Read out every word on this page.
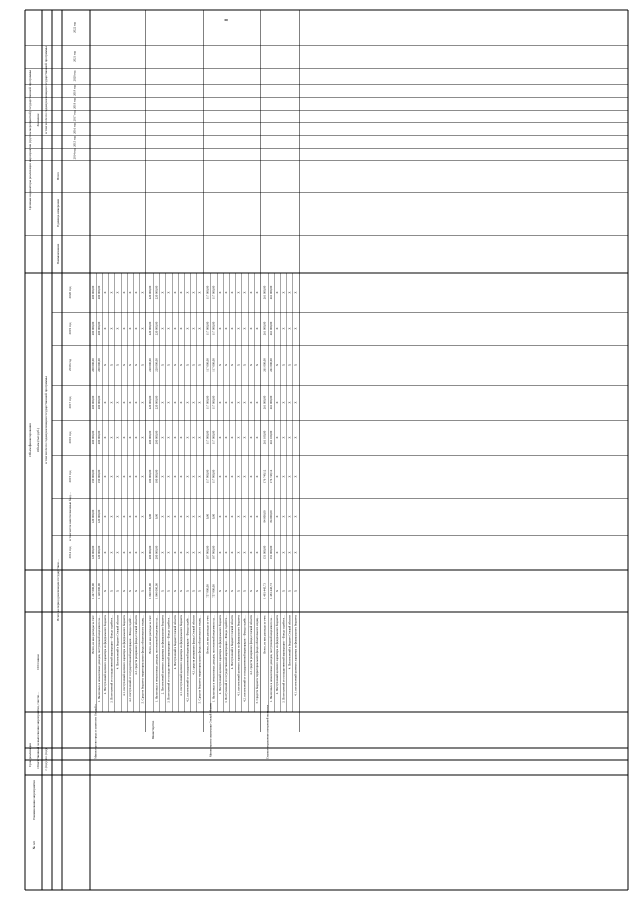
8
№ п/п
Наименование мероприятия
Срок реализации	с (год)
по (год)
Ответственный за выполнение мероприятия, соиспо…
Источники
Объем финансирования Объем (тыс.руб.)
Всего за период реализации государствен…
в том числе по годам реализации государственной программы
2014 год
в том числе неисполненные бюд…
2015 год
2016 год
2017 год
2018 год
2019 год
2020 год
Целевые индикаторы реализации мероприятия (группы мероприятий) государственной программы
Наименование
Единица измерения
Значение
Всего
в том числе по годам реализации государственной программы
2014 год
2015 год
2016 год
2017 год
2018 год
2019 год
2020 год
2021 год
2022 год
Всего, из них расходы за счет:
1 247 000,00
120 000,00
120 000,00
150 000,00
200 000,00
200 000,00
200 000,00
200 000,00
200 000,00
1. Налоговых и неналоговых доходов, поступлений нецелевого ха…
1 120 000,00
120 000,00
120 000,00
150 000,00
200 000,00
200 000,00
200 000,00
200 000,00
200 000,00
2. Поступлений целевого характера из федерального бюджета
X
X
X
X
X
X
X
X
X
3. Поступлений от государственной корпорации – Фонда содейств…
X
X
X
X
X
X
X
X
X
4. Поступлений в бюджет Омской области
X
X
X
X
X
X
X
X
X
4.1. поступлений целевого характера из федерального бюджета
X
X
X
X
X
X
X
X
X
4.2. поступлений от государственной корпорации – Фонда содейс…
X
X
X
X
X
X
X
X
X
4.3. средств резервного фонда Омской области
X
X
X
X
X
X
X
X
X
5. Средств бюджета территориального фонда обязательного медиц…
X
X
X
X
X
X
X
X
X
Министерство труда и занятости Омской о…
Всего, из них расходы за счет:
1 840 000,00
200 000,00
0,00
100 000,00
200 000,00
220 000,00
220 000,00
220 000,00
220 000,00
1. Налоговых и неналоговых доходов, поступлений нецелевого ха…
1 840 000,00
200 000,00
0,00
100 000,00
200 000,00
220 000,00
220 000,00
220 000,00
220 000,00
2. Поступлений целевого характера из федерального бюджета
X
X
X
X
X
X
X
X
X
3. Поступлений от государственной корпорации – Фонда содейств…
X
X
X
X
X
X
X
X
X
4. Поступлений в бюджет Омской области
X
X
X
X
X
X
X
X
X
4.1. поступлений целевого характера из федерального бюджета
X
X
X
X
X
X
X
X
X
4.2. поступлений от государственной корпорации – Фонда содейс…
X
X
X
X
X
X
X
X
X
4.3. средств резервного фонда Омской области
X
X
X
X
X
X
X
X
X
5. Средств бюджета территориального фонда обязательного медиц…
X
X
X
X
X
X
X
X
X
Министерство
Всего, из них расходы за счет:
757 900,00
107 900,00
0,00
117 900,00
117 000,00
117 000,00
117 000,00
117 000,00
117 000,00
1. Налоговых и неналоговых доходов, поступлений нецелевого ха…
757 900,00
107 900,00
0,00
117 900,00
117 000,00
117 000,00
117 000,00
117 000,00
117 000,00
2. Поступлений целевого характера из федерального бюджета
X
X
X
X
X
X
X
X
X
3. Поступлений от государственной корпорации – Фонда содейств…
X
X
X
X
X
X
X
X
X
4. Поступлений в бюджет Омской области
X
X
X
X
X
X
X
X
X
4.1. поступлений целевого характера из федерального бюджета
X
X
X
X
X
X
X
X
X
4.2. поступлений от государственной корпорации – Фонда содейс…
X
X
X
X
X
X
X
X
X
4.3. средств резервного фонда Омской области
X
X
X
X
X
X
X
X
X
5. Средств бюджета территориального фонда обязательного медиц…
X
X
X
X
X
X
X
X
X
Министерство экономики Омской области
Всего, из них расходы за счет:
1 481 445,73
151 000,00
84 000,00
176 749,12
261 100,00
261 000,00
261 000,00
261 000,00
261 000,00
1. Налоговых и неналоговых доходов, поступлений нецелевого ха…
1 481 445,73
151 000,00
84 000,00
176 749,12
261 100,00
261 000,00
261 000,00
261 000,00
261 000,00
2. Поступлений целевого характера из федерального бюджета
X
X
X
X
X
X
X
X
X
3. Поступлений от государственной корпорации – Фонда содейств…
X
X
X
X
X
X
X
X
X
4. Поступлений в бюджет Омской области
X
X
X
X
X
X
X
X
X
4.1. поступлений целевого характера из федерального бюджета
X
X
X
X
X
X
X
X
X
Главное управление внутренней политики …
